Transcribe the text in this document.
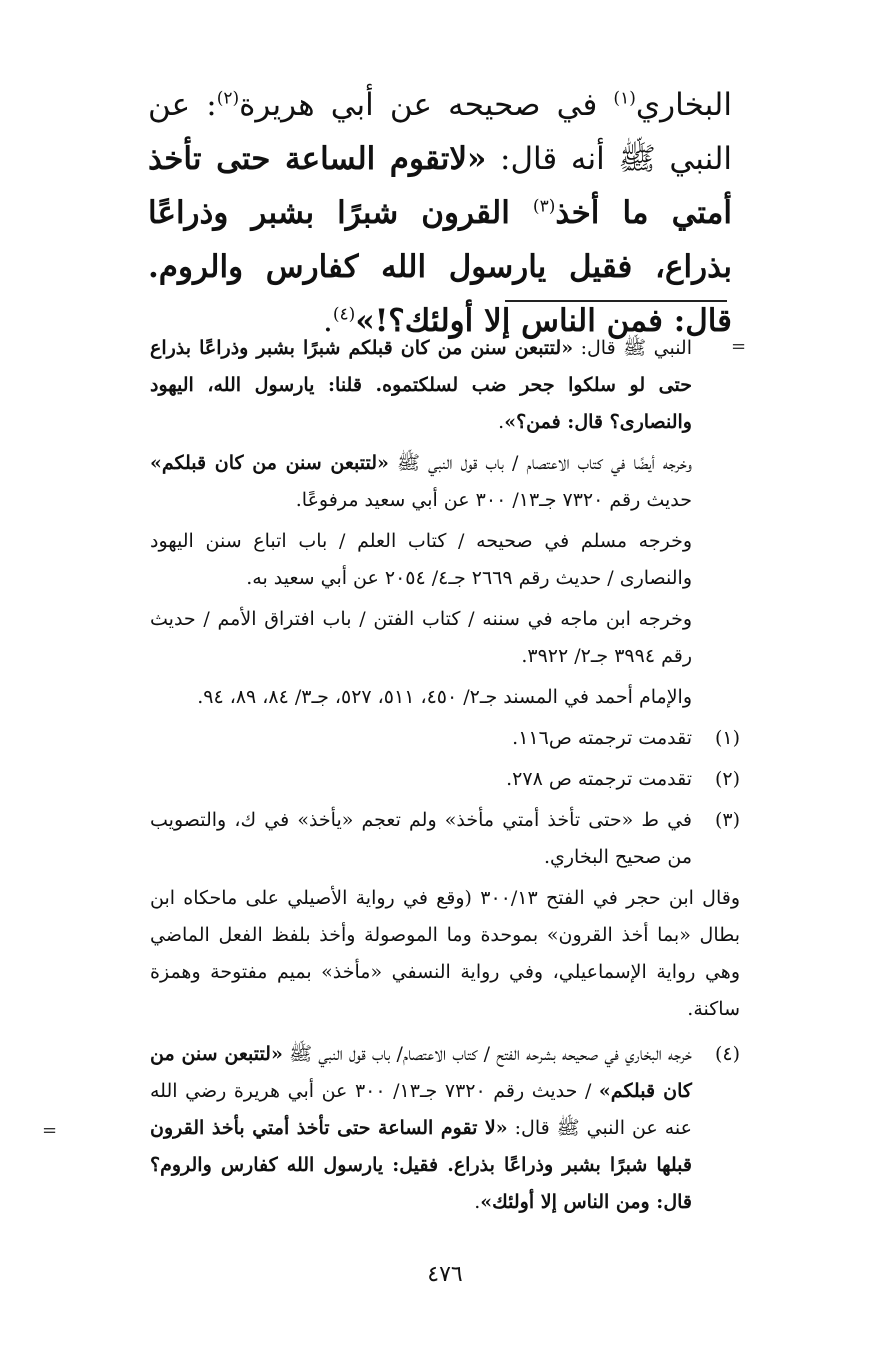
البخاري$^{(١)}$ في صحيحه عن أبي هريرة$^{(٢)}$: عن النبي ﷺ أنه قال: «لاتقوم الساعة حتى تأخذ أمتي ما أخذ$^{(٣)}$ القرون شبرًا بشبر وذراعًا بذراع، فقيل يارسول الله كفارس والروم. قال: فمن الناس إلا أولئك؟!»$^{(٤)}$.
=

النبي ﷺ قال: «لتتبعن سنن من كان قبلكم شبرًا بشبر وذراعًا بذراع حتى لو سلكوا جحر ضب لسلكتموه. قلنا: يارسول الله، اليهود والنصارى؟ قال: فمن؟».

وخرجه أيضًا في كتاب الاعتصام / باب قول النبي ﷺ «لتتبعن سنن من كان قبلكم» حديث رقم ٧٣٢٠ جـ١٣/ ٣٠٠ عن أبي سعيد مرفوعًا.

وخرجه مسلم في صحيحه / كتاب العلم / باب اتباع سنن اليهود والنصارى / حديث رقم ٢٦٦٩ جـ٤/ ٢٠٥٤ عن أبي سعيد به.

وخرجه ابن ماجه في سننه / كتاب الفتن / باب افتراق الأمم / حديث رقم ٣٩٩٤ جـ٢/ ٣٩٢٢.

والإمام أحمد في المسند جـ٢/ ٤٥٠، ٥١١، ٥٢٧، جـ٣/ ٨٤، ٨٩، ٩٤.

(١)
تقدمت ترجمته ص١١٦.
(٢)
تقدمت ترجمته ص ٢٧٨.
(٣)

في ط «حتى تأخذ أمتي مأخذ» ولم تعجم «يأخذ» في ك، والتصويب من صحيح البخاري.

وقال ابن حجر في الفتح ٣٠٠/١٣ (وقع في رواية الأصيلي على ماحكاه ابن بطال «بما أخذ القرون» بموحدة وما الموصولة وأخذ بلفظ الفعل الماضي وهي رواية الإسماعيلي، وفي رواية النسفي «مأخذ» بميم مفتوحة وهمزة ساكنة.

(٤)
خرجه البخاري في صحيحه بشرحه الفتح / كتاب الاعتصام/ باب قول النبي ﷺ «لتتبعن سنن من كان قبلكم» / حديث رقم ٧٣٢٠ جـ١٣/ ٣٠٠ عن أبي هريرة رضي الله عنه عن النبي ﷺ قال: «لا تقوم الساعة حتى تأخذ أمتي بأخذ القرون قبلها شبرًا بشبر وذراعًا بذراع. فقيل: يارسول الله كفارس والروم؟ قال: ومن الناس إلا أولئك».
=
٤٧٦
